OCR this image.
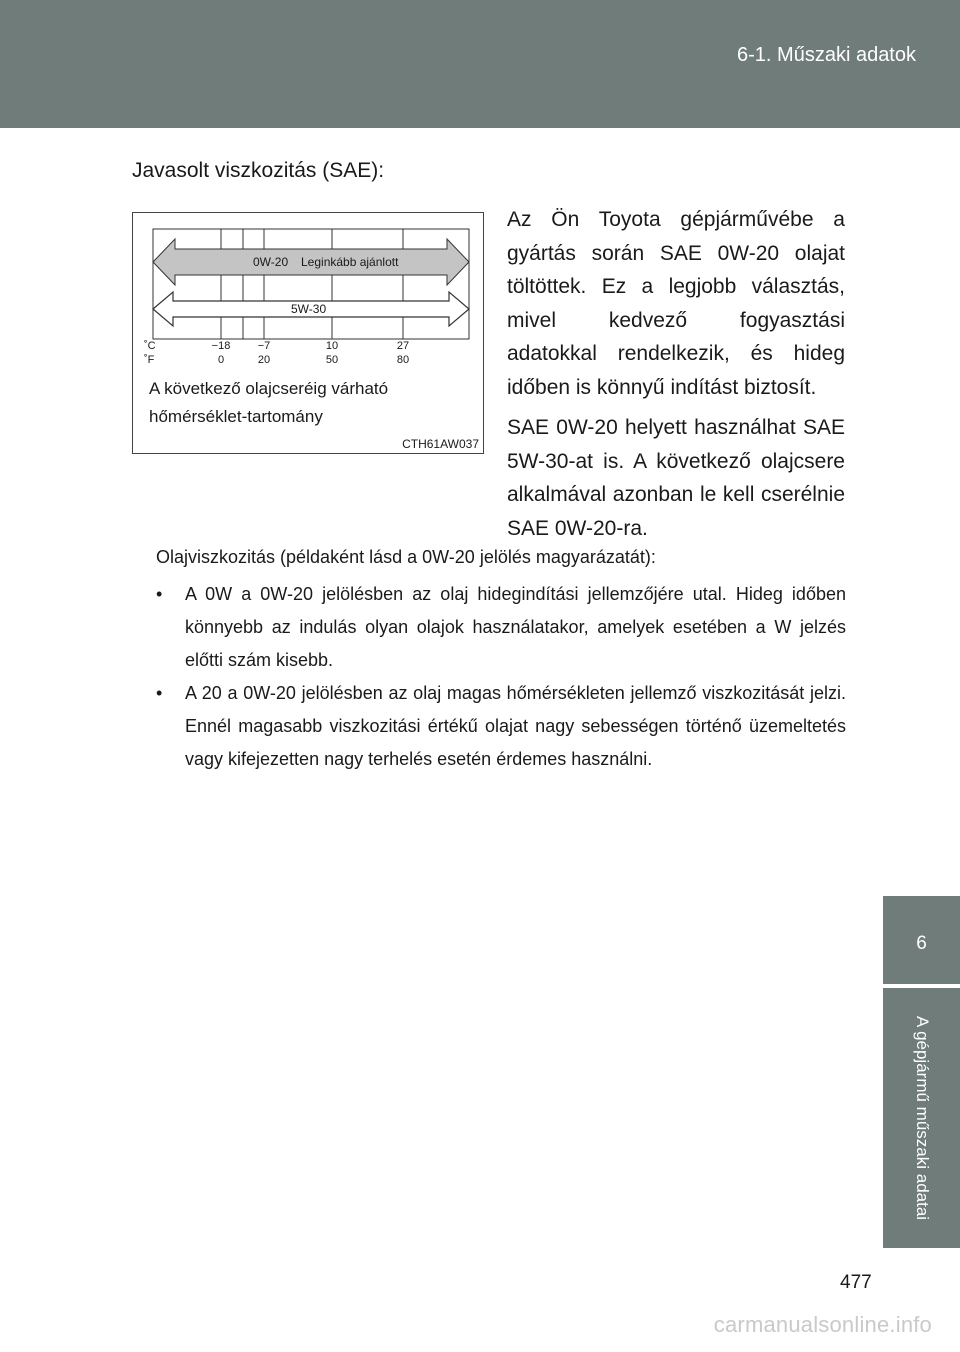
6-1. Műszaki adatok
6
A gépjármű műszaki adatai
Javasolt viszkozitás (SAE):
0W-20 Leginkább ajánlott
5W-30
˚C
˚F
−18 −7	10	27
0	20	50	80
A következő olajcseréig várható
hőmérséklet-tartomány
CTH61AW037

Az Ön Toyota gépjárművébe a gyártás során SAE 0W-20 olajat töltöttek. Ez a legjobb választás, mivel kedvező fogyasztási adatokkal rendelkezik, és hideg időben is könnyű indítást biztosít.

SAE 0W-20 helyett használhat SAE 5W-30-at is. A következő olajcsere alkalmával azonban le kell cserélnie SAE 0W-20-ra.

Olajviszkozitás (példaként lásd a 0W-20 jelölés magyarázatát):
• A 0W a 0W-20 jelölésben az olaj hidegindítási jellemzőjére utal. Hideg időben könnyebb az indulás olyan olajok használatakor, amelyek esetében a W jelzés előtti szám kisebb.
• A 20 a 0W-20 jelölésben az olaj magas hőmérsékleten jellemző viszkozitását jelzi. Ennél magasabb viszkozitási értékű olajat nagy sebességen történő üzemeltetés vagy kifejezetten nagy terhelés esetén érdemes használni.
477
carmanualsonline.info
